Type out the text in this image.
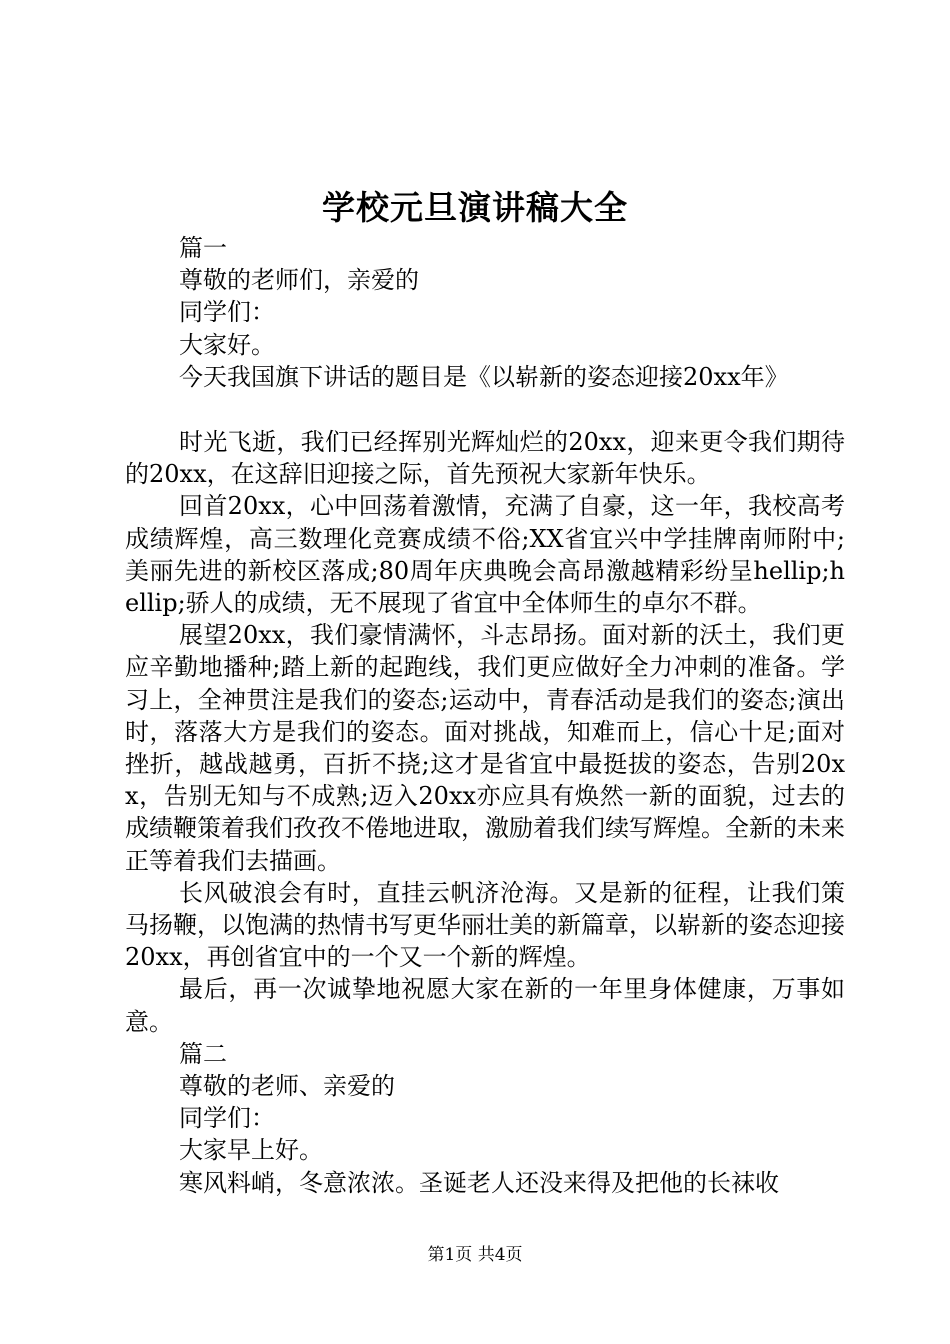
学校元旦演讲稿大全

篇一

尊敬的老师们，亲爱的

同学们：

大家好。

今天我国旗下讲话的题目是《以崭新的姿态迎接20xx年》

时光飞逝，我们已经挥别光辉灿烂的20xx，迎来更令我们期待的20xx，在这辞旧迎接之际，首先预祝大家新年快乐。

回首20xx，心中回荡着激情，充满了自豪，这一年，我校高考成绩辉煌，高三数理化竞赛成绩不俗;XX省宜兴中学挂牌南师附中;美丽先进的新校区落成;80周年庆典晚会高昂激越精彩纷呈hellip;hellip;骄人的成绩，无不展现了省宜中全体师生的卓尔不群。

展望20xx，我们豪情满怀，斗志昂扬。面对新的沃土，我们更应辛勤地播种;踏上新的起跑线，我们更应做好全力冲刺的准备。学习上，全神贯注是我们的姿态;运动中，青春活动是我们的姿态;演出时，落落大方是我们的姿态。面对挑战，知难而上，信心十足;面对挫折，越战越勇，百折不挠;这才是省宜中最挺拔的姿态，告别20xx，告别无知与不成熟;迈入20xx亦应具有焕然一新的面貌，过去的成绩鞭策着我们孜孜不倦地进取，激励着我们续写辉煌。全新的未来正等着我们去描画。

长风破浪会有时，直挂云帆济沧海。又是新的征程，让我们策马扬鞭，以饱满的热情书写更华丽壮美的新篇章，以崭新的姿态迎接20xx，再创省宜中的一个又一个新的辉煌。

最后，再一次诚挚地祝愿大家在新的一年里身体健康，万事如意。

篇二

尊敬的老师、亲爱的

同学们：

大家早上好。

寒风料峭，冬意浓浓。圣诞老人还没来得及把他的长袜收

第1页 共4页
